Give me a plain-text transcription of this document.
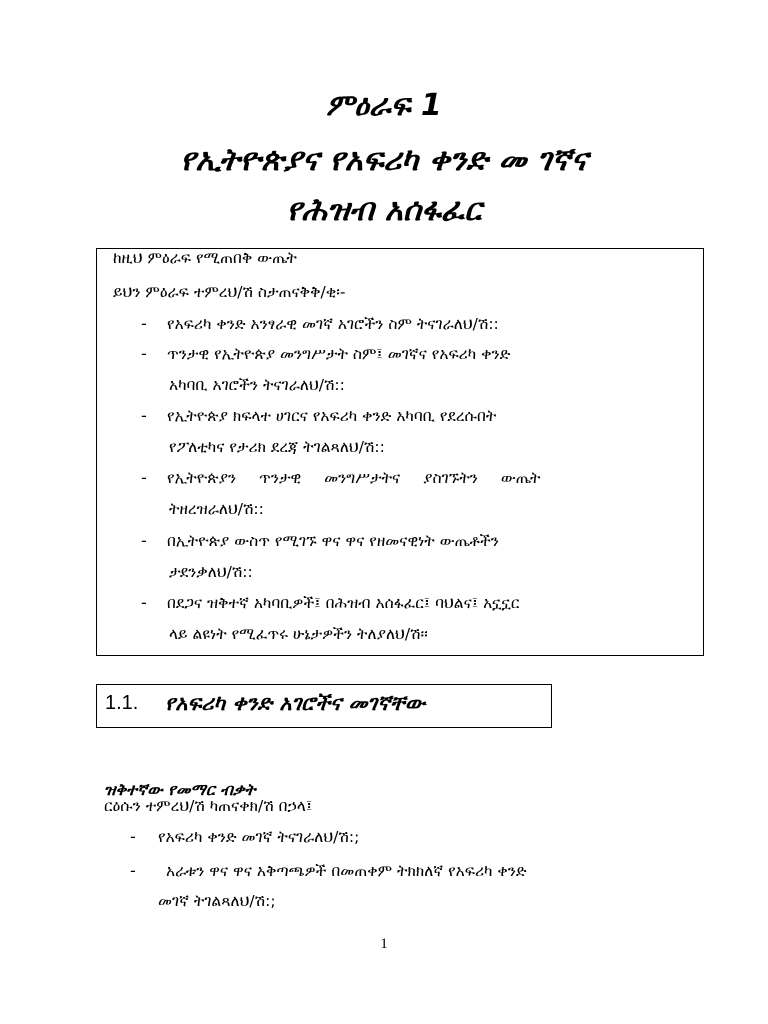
ምዕራፍ 1
የኢትዮጵያና የአፍሪካ ቀንድ መ ገኛና
የሕዝብ አሰፋፈር

ከዚህ ምዕራፍ የሚጠበቅ ውጤት

ይህን ምዕራፍ ተምረህ/ሽ ስታጠናቅቅ/ቂ፡-

- የአፍሪካ ቀንድ አንፃራዊ መገኛ አገሮችን ስም ትናገራለህ/ሽ::

- ጥንታዊ የኢትዮጵያ መንግሥታት ስም፤ መገኛና የአፍሪካ ቀንድ

አካባቢ አገሮችን ትናገራለህ/ሽ::

- የኢትዮጵያ ክፍላተ ሀገርና የአፍሪካ ቀንድ አካባቢ የደረሱበት

የፖለቲካና የታሪክ ደረጃ ትገልጻለህ/ሽ::

- የኢትዮጵያን ጥንታዊ መንግሥታትና ያስገኙትን ውጤት

ትዘረዝራለህ/ሽ::

- በኢትዮጵያ ውስጥ የሚገኙ ዋና ዋና የዘመናዊነት ውጤቶችን

ታደንቃለህ/ሽ::

- በደጋና ዝቅተኛ አካባቢዎች፤ በሕዝብ አሰፋፈር፤ ባህልና፤ አኗኗር

ላይ ልዩነት የሚፈጥሩ ሁኔታዎችን ትለያለህ/ሽ፡፡

1.1. የአፍሪካ ቀንድ አገሮችና መገኛቸው

ዝቅተኛው የመማር ብቃት

ርዕሱን ተምረህ/ሽ ካጠናቀክ/ሽ በኃላ፤

- የአፍሪካ ቀንድ መገኛ ትናገራለህ/ሽ:;

- አራቱን ዋና ዋና አቅጣጫዎች በመጠቀም ትክክለኛ የአፍሪካ ቀንድ

መገኛ ትገልጻለህ/ሽ:;

1
